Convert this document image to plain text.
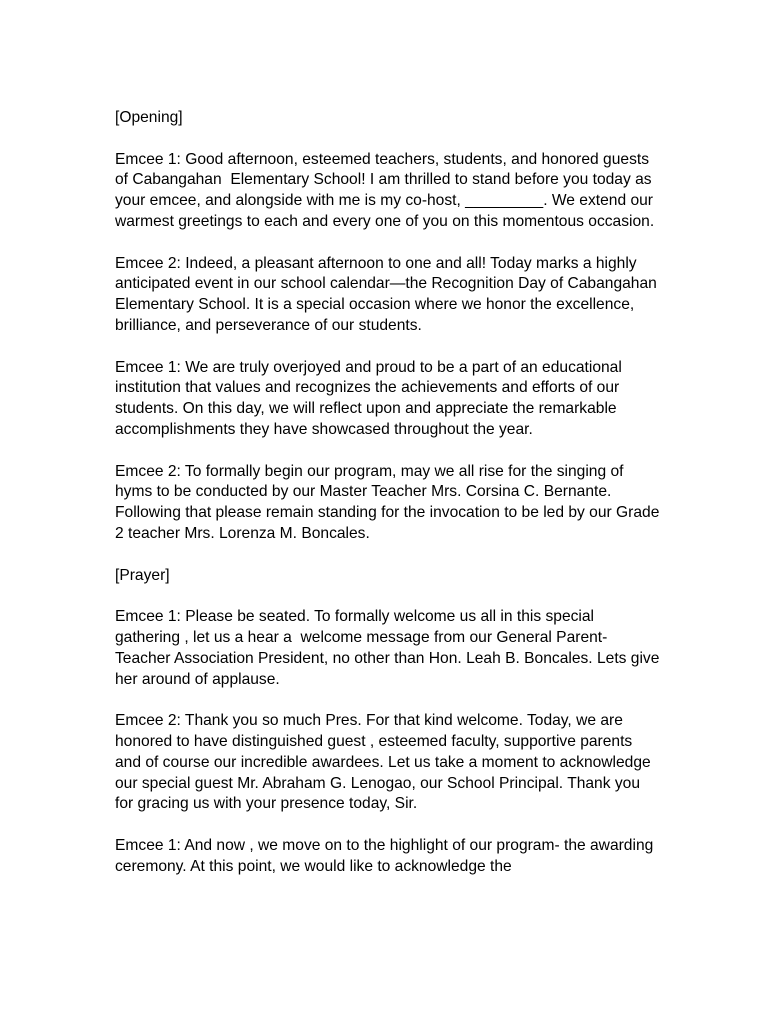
[Opening]

Emcee 1: Good afternoon, esteemed teachers, students, and honored guests of Cabangahan  Elementary School! I am thrilled to stand before you today as your emcee, and alongside with me is my co-host, _________. We extend our warmest greetings to each and every one of you on this momentous occasion.

Emcee 2: Indeed, a pleasant afternoon to one and all! Today marks a highly anticipated event in our school calendar—the Recognition Day of Cabangahan Elementary School. It is a special occasion where we honor the excellence, brilliance, and perseverance of our students.

Emcee 1: We are truly overjoyed and proud to be a part of an educational institution that values and recognizes the achievements and efforts of our students. On this day, we will reflect upon and appreciate the remarkable accomplishments they have showcased throughout the year.

Emcee 2: To formally begin our program, may we all rise for the singing of hyms to be conducted by our Master Teacher Mrs. Corsina C. Bernante. Following that please remain standing for the invocation to be led by our Grade 2 teacher Mrs. Lorenza M. Boncales.

[Prayer]

Emcee 1: Please be seated. To formally welcome us all in this special gathering , let us a hear a  welcome message from our General Parent-Teacher Association President, no other than Hon. Leah B. Boncales. Lets give her around of applause.

Emcee 2: Thank you so much Pres. For that kind welcome. Today, we are honored to have distinguished guest , esteemed faculty, supportive parents and of course our incredible awardees. Let us take a moment to acknowledge our special guest Mr. Abraham G. Lenogao, our School Principal. Thank you for gracing us with your presence today, Sir.

Emcee 1: And now , we move on to the highlight of our program- the awarding ceremony. At this point, we would like to acknowledge the
